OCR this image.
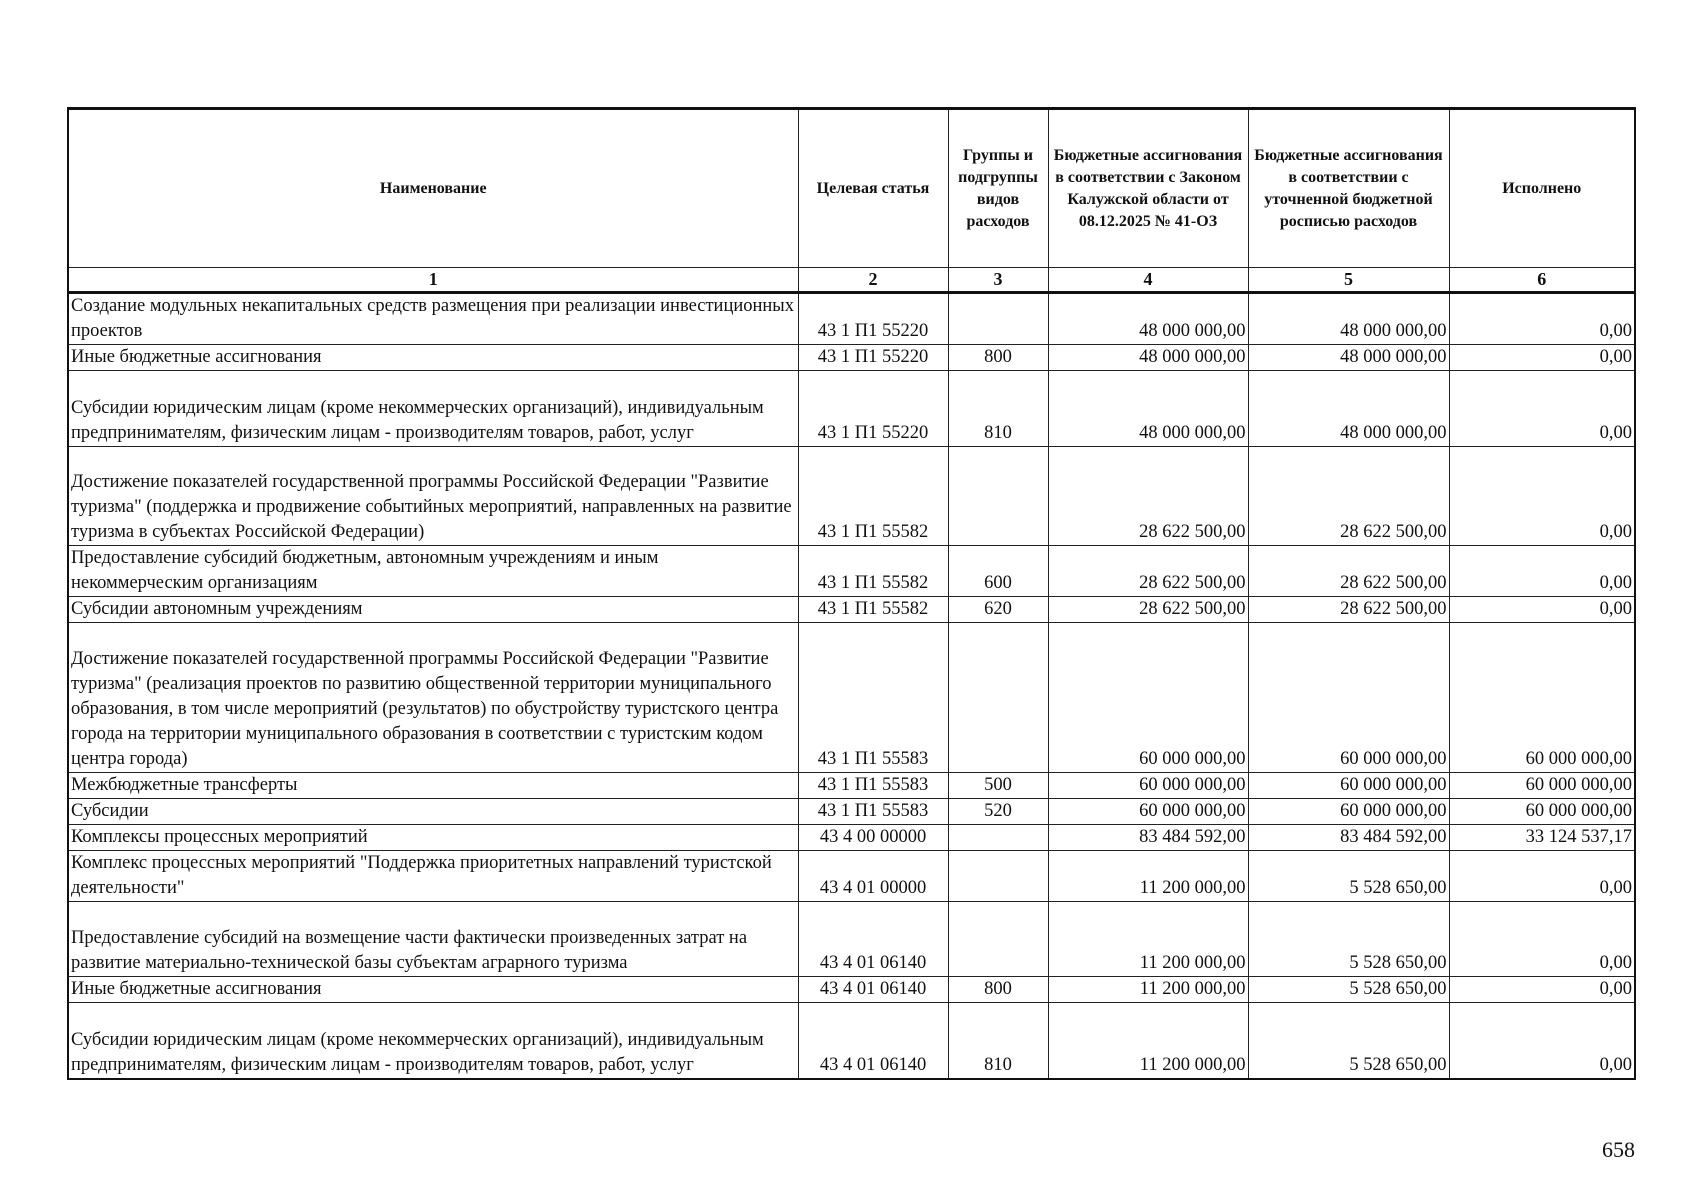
Наименование	Целевая статья	Группы и подгруппы видов расходов	Бюджетные ассигнования в соответствии с Законом Калужской области от 08.12.2025 № 41-ОЗ	Бюджетные ассигнования в соответствии с уточненной бюджетной росписью расходов	Исполнено
1	2	3	4	5	6
Создание модульных некапитальных средств размещения при реализации инвестиционных проектов	43 1 П1 55220		48 000 000,00	48 000 000,00	0,00
Иные бюджетные ассигнования	43 1 П1 55220	800	48 000 000,00	48 000 000,00	0,00
Субсидии юридическим лицам (кроме некоммерческих организаций), индивидуальным предпринимателям, физическим лицам - производителям товаров, работ, услуг	43 1 П1 55220	810	48 000 000,00	48 000 000,00	0,00
Достижение показателей государственной программы Российской Федерации "Развитие туризма" (поддержка и продвижение событийных мероприятий, направленных на развитие туризма в субъектах Российской Федерации)	43 1 П1 55582		28 622 500,00	28 622 500,00	0,00
Предоставление субсидий бюджетным, автономным учреждениям и иным некоммерческим организациям	43 1 П1 55582	600	28 622 500,00	28 622 500,00	0,00
Субсидии автономным учреждениям	43 1 П1 55582	620	28 622 500,00	28 622 500,00	0,00
Достижение показателей государственной программы Российской Федерации "Развитие туризма" (реализация проектов по развитию общественной территории муниципального образования, в том числе мероприятий (результатов) по обустройству туристского центра города на территории муниципального образования в соответствии с туристским кодом центра города)	43 1 П1 55583		60 000 000,00	60 000 000,00	60 000 000,00
Межбюджетные трансферты	43 1 П1 55583	500	60 000 000,00	60 000 000,00	60 000 000,00
Субсидии	43 1 П1 55583	520	60 000 000,00	60 000 000,00	60 000 000,00
Комплексы процессных мероприятий	43 4 00 00000		83 484 592,00	83 484 592,00	33 124 537,17
Комплекс процессных мероприятий "Поддержка приоритетных направлений туристской деятельности"	43 4 01 00000		11 200 000,00	5 528 650,00	0,00
Предоставление субсидий на возмещение части фактически произведенных затрат на развитие материально-технической базы субъектам аграрного туризма	43 4 01 06140		11 200 000,00	5 528 650,00	0,00
Иные бюджетные ассигнования	43 4 01 06140	800	11 200 000,00	5 528 650,00	0,00
Субсидии юридическим лицам (кроме некоммерческих организаций), индивидуальным предпринимателям, физическим лицам - производителям товаров, работ, услуг	43 4 01 06140	810	11 200 000,00	5 528 650,00	0,00
658
